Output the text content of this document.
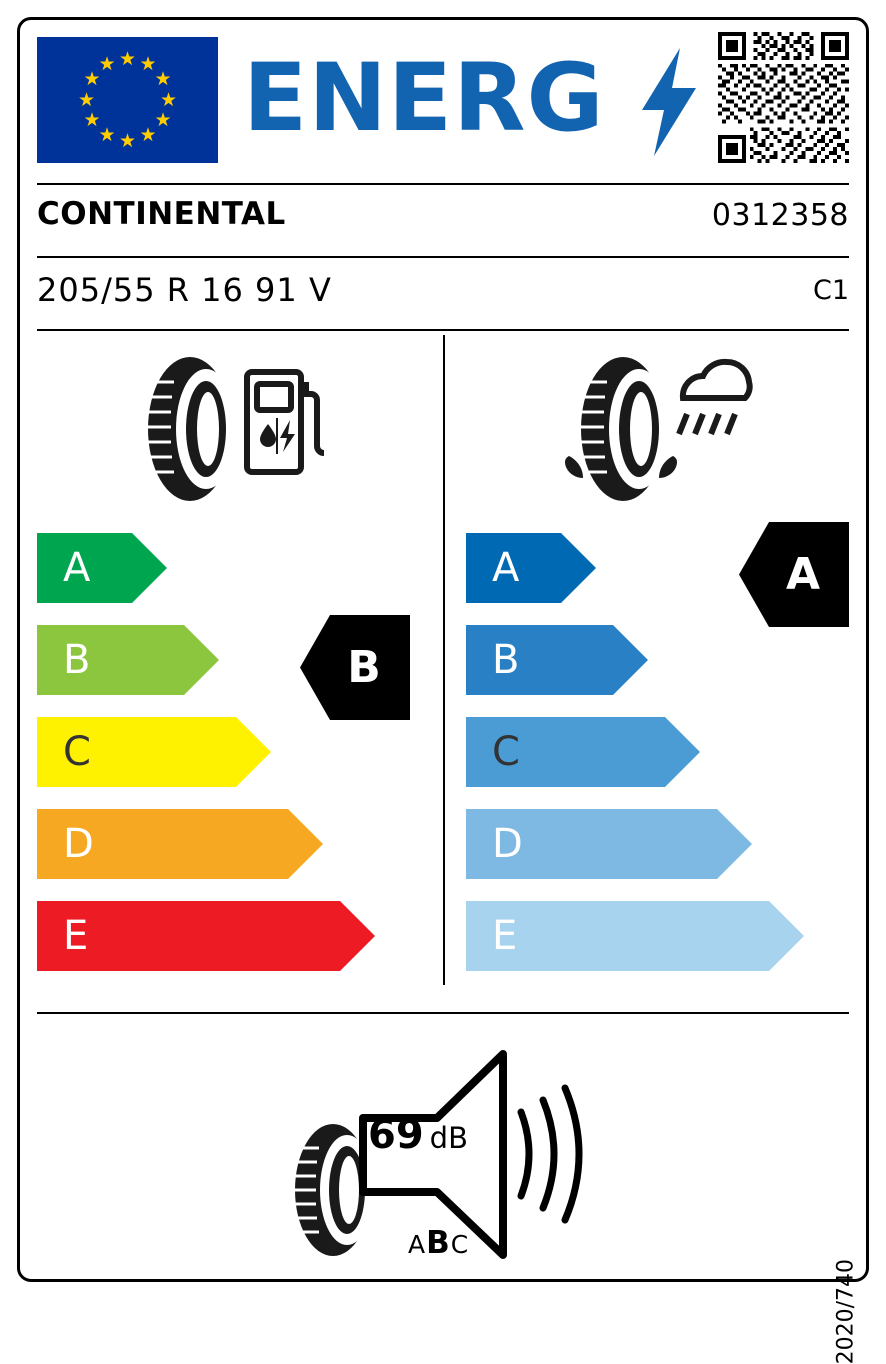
★ ★
★
★
★
★
★
★
★
★
★
★ ENERG
CONTINENTAL	0312358
205/55 R 16 91 V	C1
A
B
C
D
E
A
B
C
D
E
B
A
69 dB
ABC
2020/740
